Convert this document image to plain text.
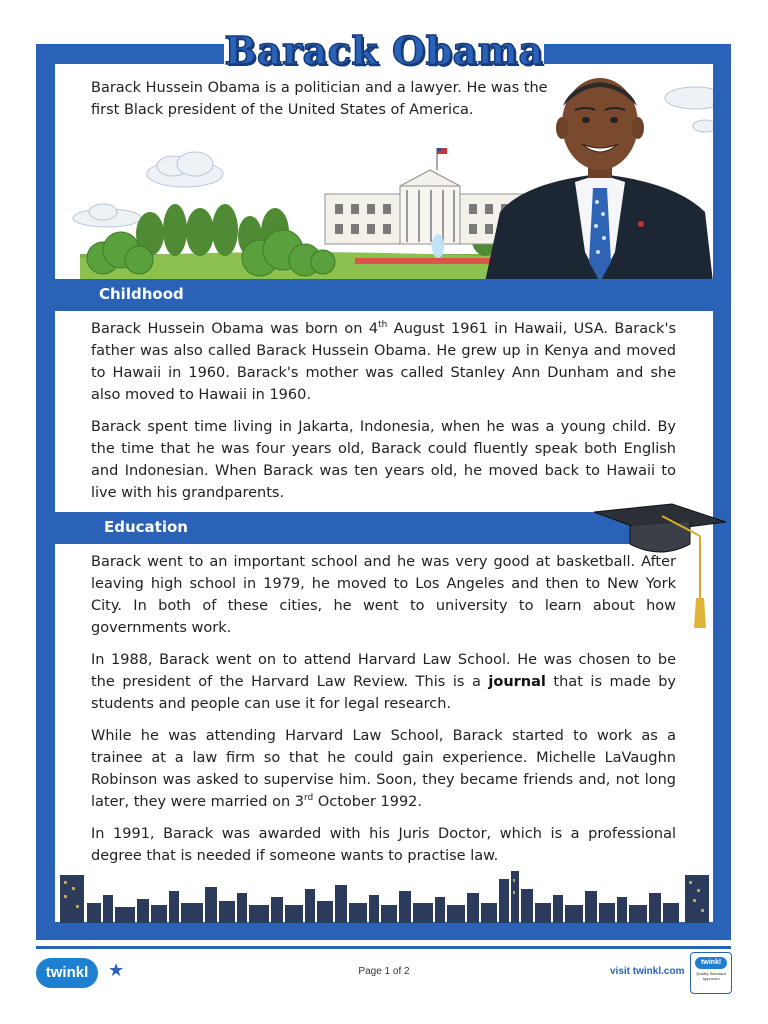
Barack Obama
Barack Hussein Obama is a politician and a lawyer. He was the first Black president of the United States of America.
Childhood
Barack Hussein Obama was born on 4th August 1961 in Hawaii, USA. Barack's father was also called Barack Hussein Obama. He grew up in Kenya and moved to Hawaii in 1960. Barack's mother was called Stanley Ann Dunham and she also moved to Hawaii in 1960.
Barack spent time living in Jakarta, Indonesia, when he was a young child. By the time that he was four years old, Barack could fluently speak both English and Indonesian. When Barack was ten years old, he moved back to Hawaii to live with his grandparents.
Education
Barack went to an important school and he was very good at basketball. After leaving high school in 1979, he moved to Los Angeles and then to New York City. In both of these cities, he went to university to learn about how governments work.
In 1988, Barack went on to attend Harvard Law School. He was chosen to be the president of the Harvard Law Review. This is a journal that is made by students and people can use it for legal research.
While he was attending Harvard Law School, Barack started to work as a trainee at a law firm so that he could gain experience. Michelle LaVaughn Robinson was asked to supervise him. Soon, they became friends and, not long later, they were married on 3rd October 1992.
In 1991, Barack was awarded with his Juris Doctor, which is a professional degree that is needed if someone wants to practise law.
twinkl	★	Page 1 of 2	visit twinkl.com
twinkl
Quality Standard Approved
